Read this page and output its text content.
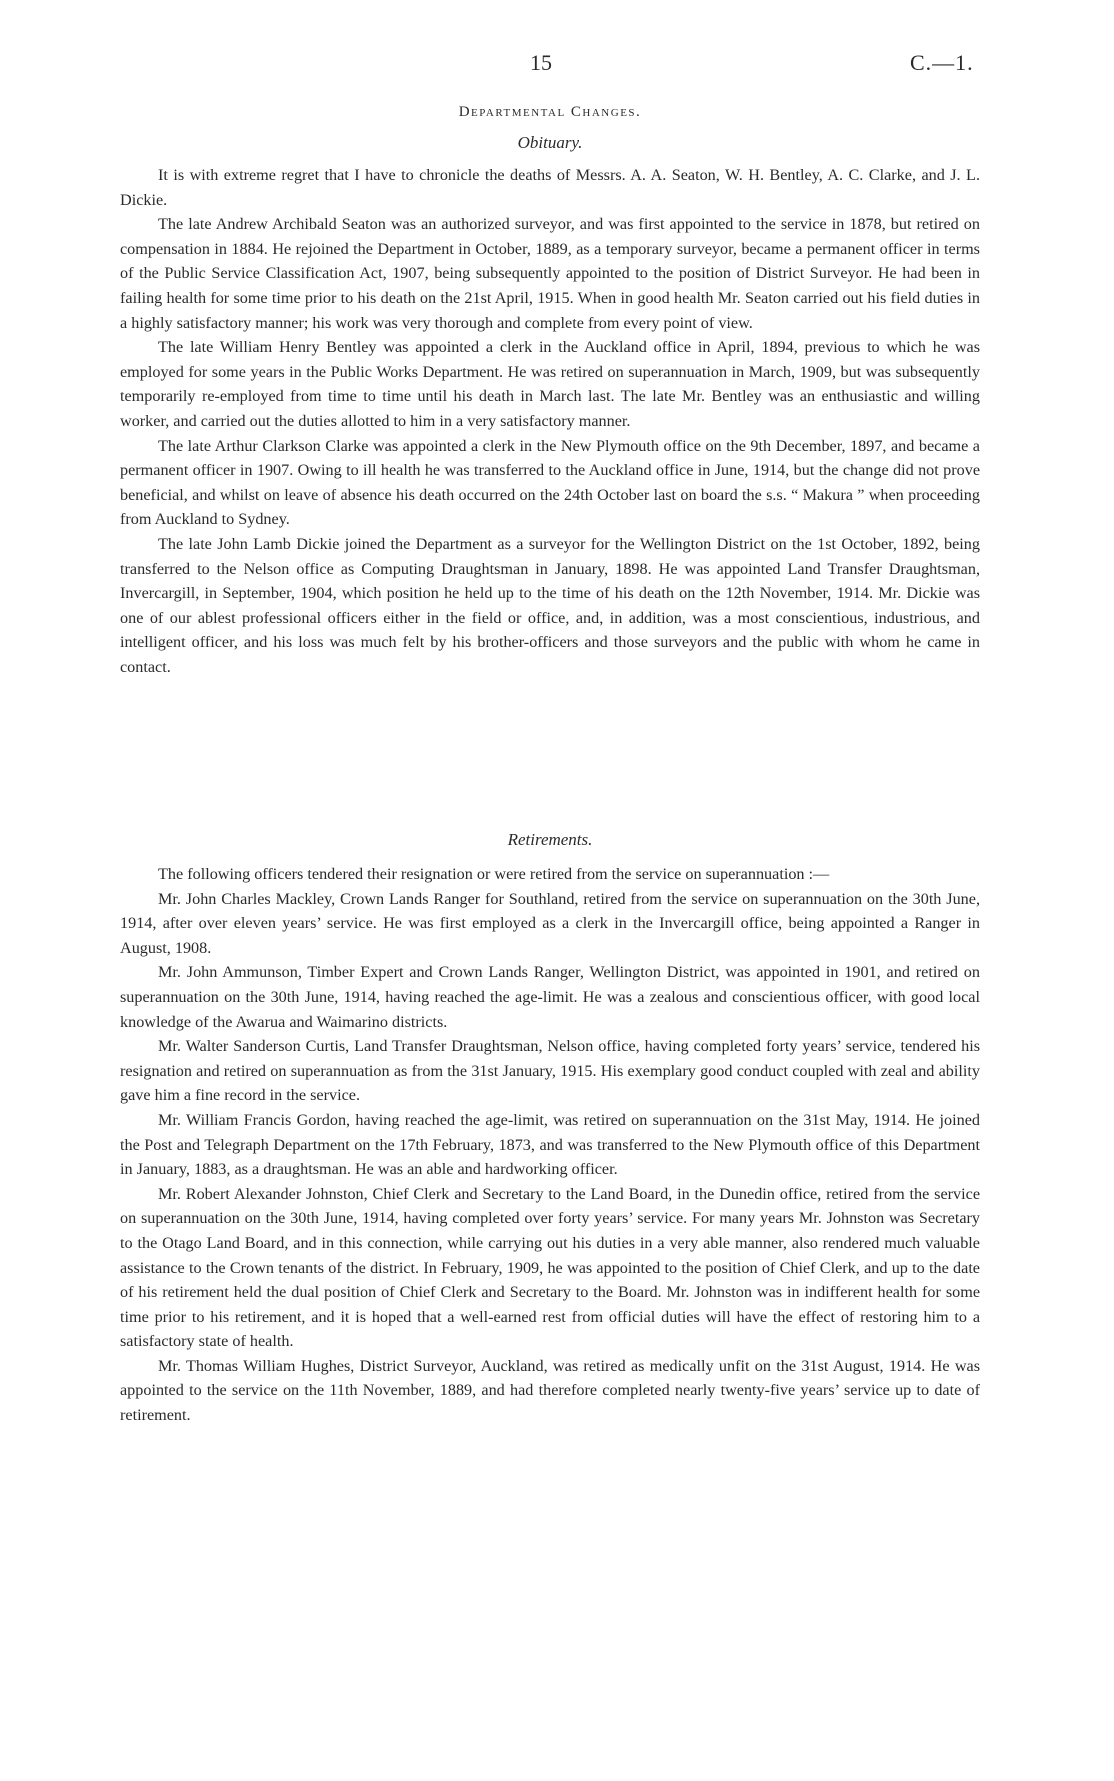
15	C.—1.
Departmental Changes.
Obituary.

It is with extreme regret that I have to chronicle the deaths of Messrs. A. A. Seaton, W. H. Bentley, A. C. Clarke, and J. L. Dickie.

The late Andrew Archibald Seaton was an authorized surveyor, and was first appointed to the service in 1878, but retired on compensation in 1884. He rejoined the Department in October, 1889, as a temporary surveyor, became a permanent officer in terms of the Public Service Classification Act, 1907, being subsequently appointed to the position of District Surveyor. He had been in failing health for some time prior to his death on the 21st April, 1915. When in good health Mr. Seaton carried out his field duties in a highly satisfactory manner; his work was very thorough and complete from every point of view.

The late William Henry Bentley was appointed a clerk in the Auckland office in April, 1894, previous to which he was employed for some years in the Public Works Department. He was retired on superannuation in March, 1909, but was subsequently temporarily re-employed from time to time until his death in March last. The late Mr. Bentley was an enthusiastic and willing worker, and carried out the duties allotted to him in a very satisfactory manner.

The late Arthur Clarkson Clarke was appointed a clerk in the New Plymouth office on the 9th December, 1897, and became a permanent officer in 1907. Owing to ill health he was transferred to the Auckland office in June, 1914, but the change did not prove beneficial, and whilst on leave of absence his death occurred on the 24th October last on board the s.s. “ Makura ” when proceeding from Auckland to Sydney.

The late John Lamb Dickie joined the Department as a surveyor for the Wellington District on the 1st October, 1892, being transferred to the Nelson office as Computing Draughtsman in January, 1898. He was appointed Land Transfer Draughtsman, Invercargill, in September, 1904, which position he held up to the time of his death on the 12th November, 1914. Mr. Dickie was one of our ablest professional officers either in the field or office, and, in addition, was a most conscientious, industrious, and intelligent officer, and his loss was much felt by his brother-officers and those surveyors and the public with whom he came in contact.

Retirements.

The following officers tendered their resignation or were retired from the service on superannuation :—

Mr. John Charles Mackley, Crown Lands Ranger for Southland, retired from the service on superannuation on the 30th June, 1914, after over eleven years’ service. He was first employed as a clerk in the Invercargill office, being appointed a Ranger in August, 1908.

Mr. John Ammunson, Timber Expert and Crown Lands Ranger, Wellington District, was appointed in 1901, and retired on superannuation on the 30th June, 1914, having reached the age-limit. He was a zealous and conscientious officer, with good local knowledge of the Awarua and Waimarino districts.

Mr. Walter Sanderson Curtis, Land Transfer Draughtsman, Nelson office, having completed forty years’ service, tendered his resignation and retired on superannuation as from the 31st January, 1915. His exemplary good conduct coupled with zeal and ability gave him a fine record in the service.

Mr. William Francis Gordon, having reached the age-limit, was retired on superannuation on the 31st May, 1914. He joined the Post and Telegraph Department on the 17th February, 1873, and was transferred to the New Plymouth office of this Department in January, 1883, as a draughtsman. He was an able and hardworking officer.

Mr. Robert Alexander Johnston, Chief Clerk and Secretary to the Land Board, in the Dunedin office, retired from the service on superannuation on the 30th June, 1914, having completed over forty years’ service. For many years Mr. Johnston was Secretary to the Otago Land Board, and in this connection, while carrying out his duties in a very able manner, also rendered much valuable assistance to the Crown tenants of the district. In February, 1909, he was appointed to the position of Chief Clerk, and up to the date of his retirement held the dual position of Chief Clerk and Secretary to the Board. Mr. Johnston was in indifferent health for some time prior to his retirement, and it is hoped that a well-earned rest from official duties will have the effect of restoring him to a satisfactory state of health.

Mr. Thomas William Hughes, District Surveyor, Auckland, was retired as medically unfit on the 31st August, 1914. He was appointed to the service on the 11th November, 1889, and had therefore completed nearly twenty-five years’ service up to date of retirement.
